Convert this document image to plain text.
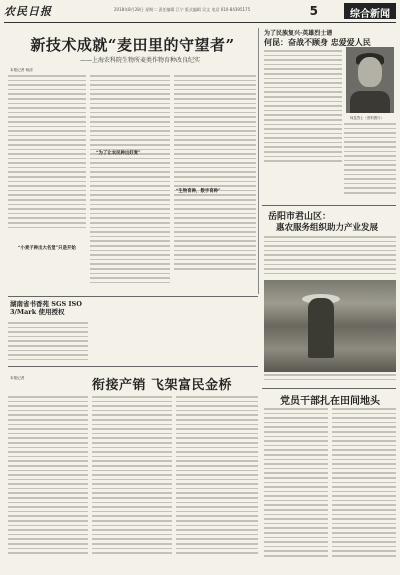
农民日报	2018年8月28日 星期二 责任编辑 江宁 版式编辑 吴文 电话 010-84395175	5	综合新闻
新技术成就“麦田里的守望者”
——上海农科院生物所麦类作物育种改良纪实
本报记者 杨清
“小麦子种出大名堂”只是开始
“生物育种，数字育种”
“为了让农民种出好麦”
湖南省书香苑 SGS ISO 3/Mark 使用授权
为了民族复兴·英雄烈士谱
何昆：奋战不顾身 忠爱爱人民
何昆烈士（资料图片）
岳阳市君山区：
惠农服务组织助力产业发展
本报记者	衔接产销 飞架富民金桥
党员干部扎在田间地头
